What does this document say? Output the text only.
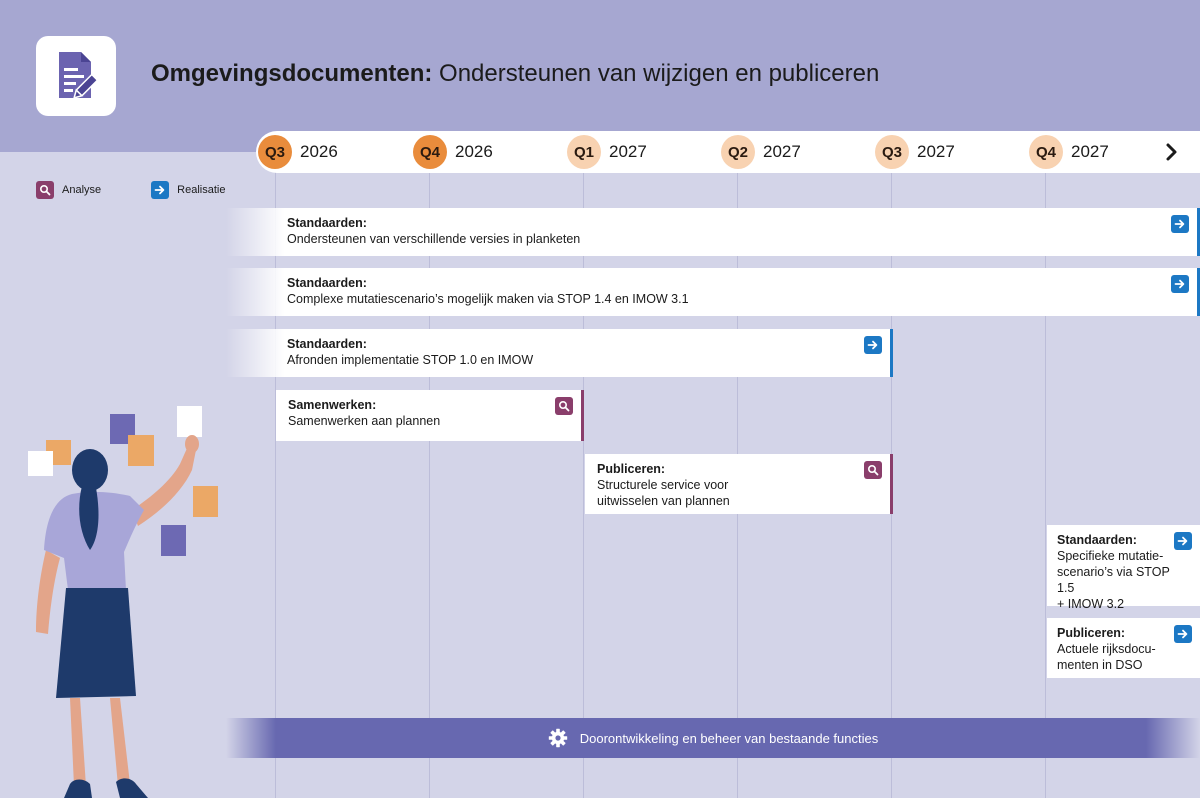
Omgevingsdocumenten: Ondersteunen van wijzigen en publiceren
Q3 2026	Q4 2026	Q1 2027	Q2 2027	Q3 2027	Q4 2027
Analyse	Realisatie
Standaarden:
Ondersteunen van verschillende versies in planketen
Standaarden:
Complexe mutatiescenario’s mogelijk maken via STOP 1.4 en IMOW 3.1
Standaarden:
Afronden implementatie STOP 1.0 en IMOW
Samenwerken:
Samenwerken aan plannen
Publiceren:
Structurele service voor
uitwisselen van plannen
Standaarden:
Specifieke mutatie-
scenario’s via STOP 1.5
+ IMOW 3.2
Publiceren:
Actuele rijksdocu-
menten in DSO
Doorontwikkeling en beheer van bestaande functies
